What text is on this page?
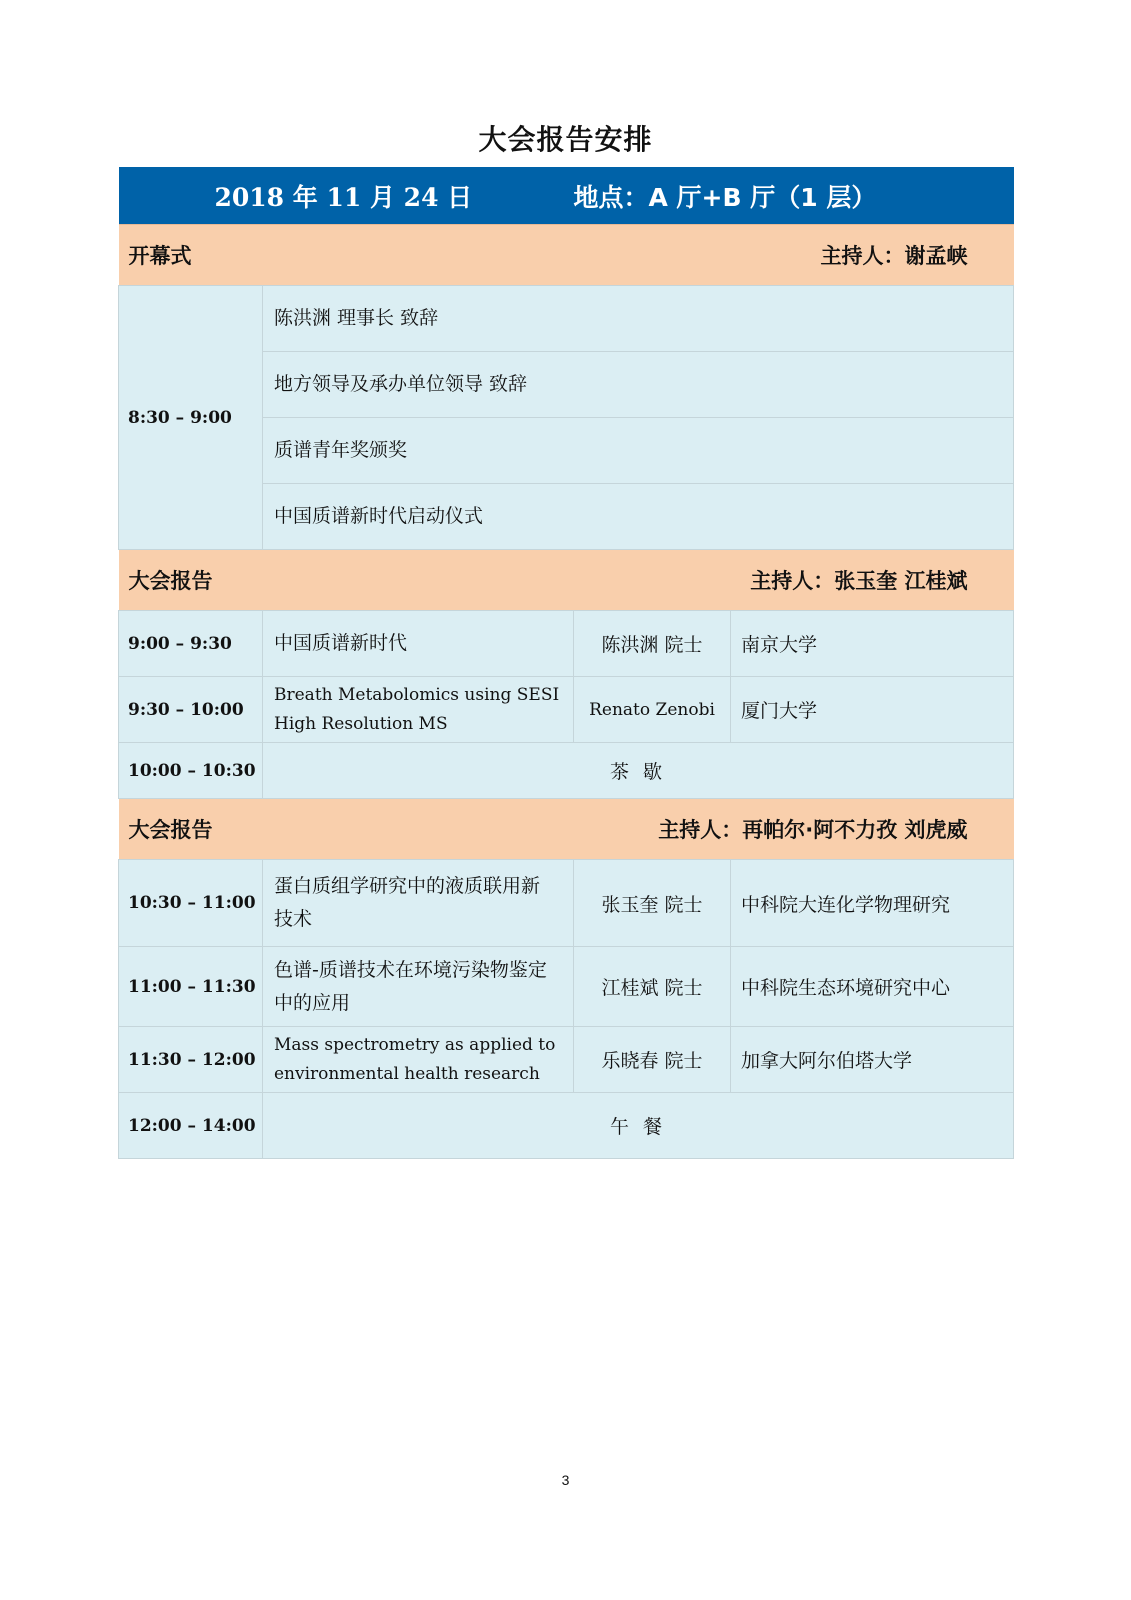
大会报告安排
2018 年 11 月 24 日		地点：A 厅+B 厅（1 层）	
开幕式		主持人：谢孟峡	
8:30 – 9:00	陈洪渊 理事长 致辞		
	地方领导及承办单位领导 致辞		
	质谱青年奖颁奖		
	中国质谱新时代启动仪式		
大会报告		主持人：张玉奎 江桂斌	
9:00 – 9:30	中国质谱新时代	陈洪渊 院士	南京大学
9:30 – 10:00	Breath Metabolomics using SESI
High Resolution MS	Renato Zenobi	厦门大学
10:00 – 10:30	茶 歇		
大会报告		主持人：再帕尔·阿不力孜 刘虎威	
10:30 – 11:00	蛋白质组学研究中的液质联用新
技术	张玉奎 院士	中科院大连化学物理研究
11:00 – 11:30	色谱-质谱技术在环境污染物鉴定
中的应用	江桂斌 院士	中科院生态环境研究中心
11:30 – 12:00	Mass spectrometry as applied to
environmental health research	乐晓春 院士	加拿大阿尔伯塔大学
12:00 – 14:00	午 餐		
3
